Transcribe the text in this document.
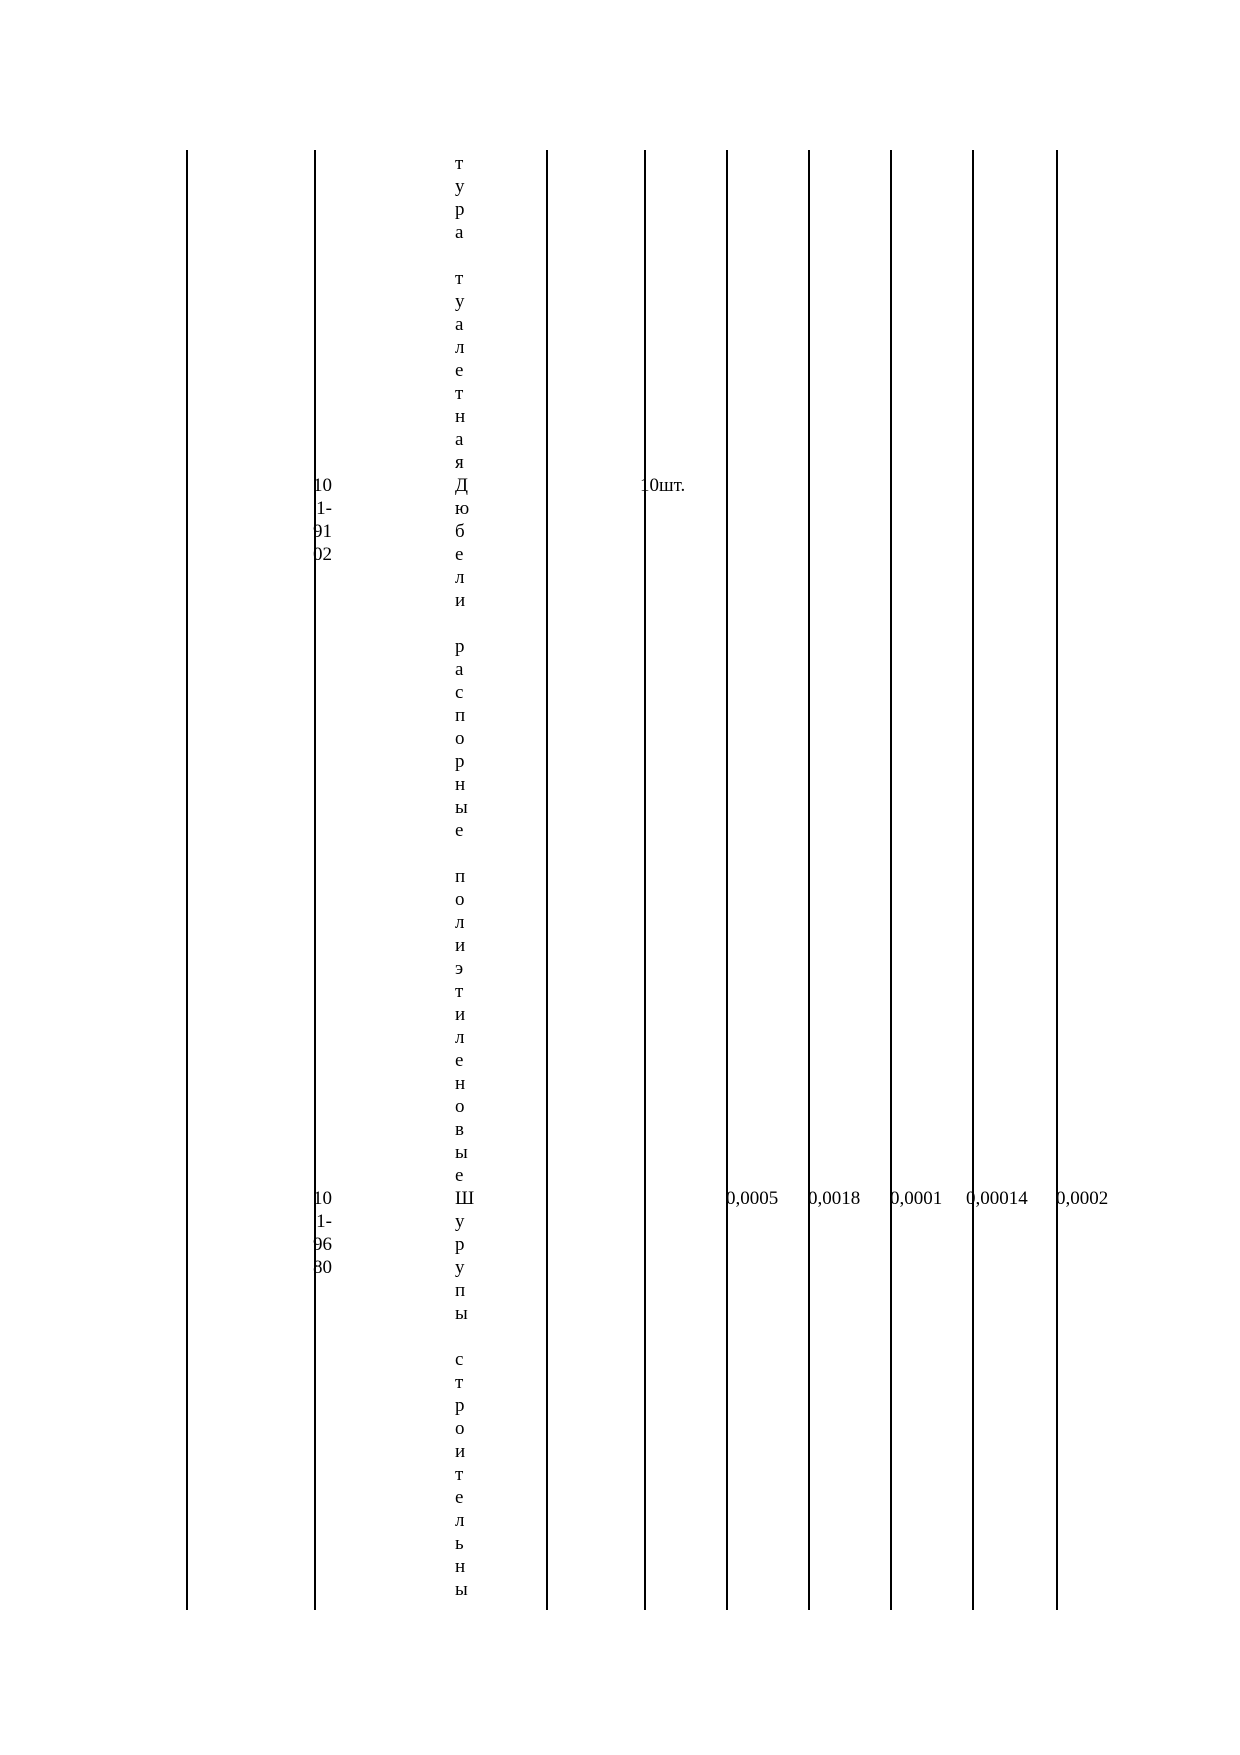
т
у
р
а

т
у
а
л
е
т
н
а
я
Д
ю
б
е
л
и

р
а
с
п
о
р
н
ы
е

п
о
л
и
э
т
и
л
е
н
о
в
ы
е
Ш
у
р
у
п
ы

с
т
р
о
и
т
е
л
ь
н
ы
10 1- 91 02
10шт.
10 1- 96 80
0,0005 0,0018 0,0001 0,00014 0,0002
